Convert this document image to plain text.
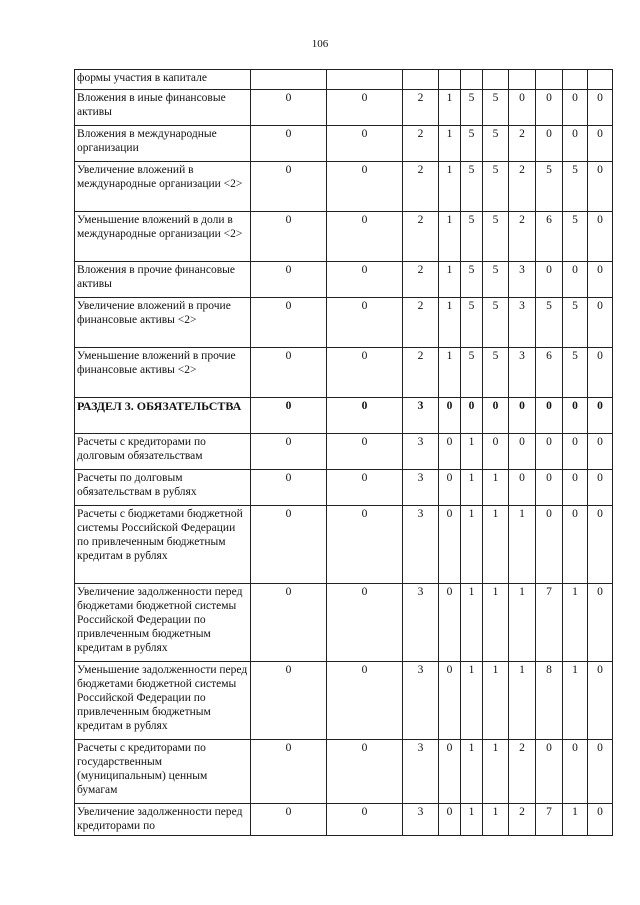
106
формы участия в капитале										
Вложения в иные финансовые активы	0	0	2	1	5	5	0	0	0	0
Вложения в международные организации	0	0	2	1	5	5	2	0	0	0
Увеличение вложений в международные организации <2>	0	0	2	1	5	5	2	5	5	0
Уменьшение вложений в доли в международные организации <2>	0	0	2	1	5	5	2	6	5	0
Вложения в прочие финансовые активы	0	0	2	1	5	5	3	0	0	0
Увеличение вложений в прочие финансовые активы <2>	0	0	2	1	5	5	3	5	5	0
Уменьшение вложений в прочие финансовые активы <2>	0	0	2	1	5	5	3	6	5	0
РАЗДЕЛ 3. ОБЯЗАТЕЛЬСТВА	0	0	3	0	0	0	0	0	0	0
Расчеты с кредиторами по долговым обязательствам	0	0	3	0	1	0	0	0	0	0
Расчеты по долговым обязательствам в рублях	0	0	3	0	1	1	0	0	0	0
Расчеты с бюджетами бюджетной системы Российской Федерации по привлеченным бюджетным кредитам в рублях	0	0	3	0	1	1	1	0	0	0
Увеличение задолженности перед бюджетами бюджетной системы Российской Федерации по привлеченным бюджетным кредитам в рублях	0	0	3	0	1	1	1	7	1	0
Уменьшение задолженности перед бюджетами бюджетной системы Российской Федерации по привлеченным бюджетным кредитам в рублях	0	0	3	0	1	1	1	8	1	0
Расчеты с кредиторами по государственным (муниципальным) ценным бумагам	0	0	3	0	1	1	2	0	0	0
Увеличение задолженности перед кредиторами по	0	0	3	0	1	1	2	7	1	0
